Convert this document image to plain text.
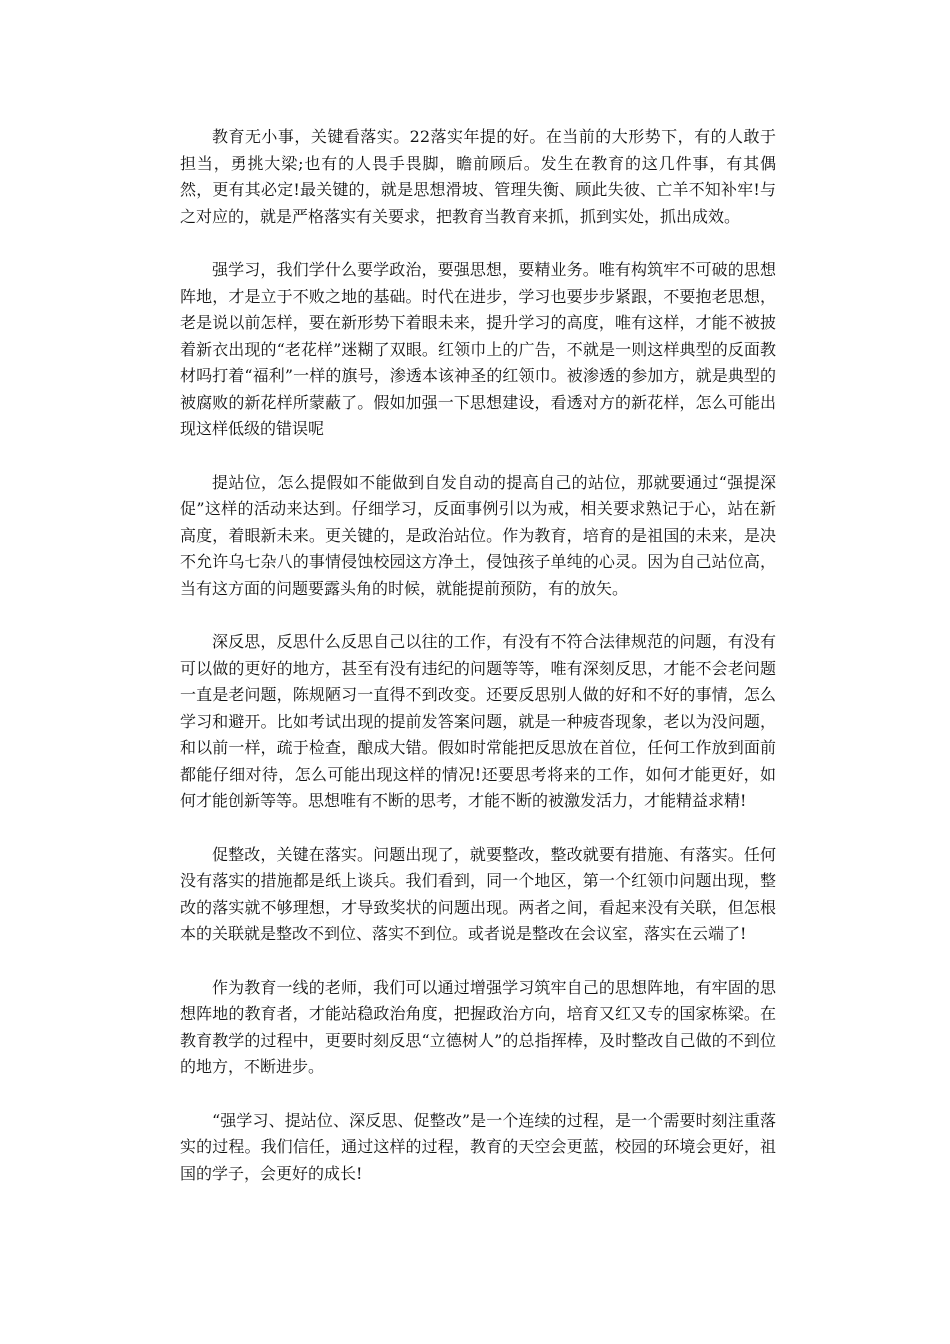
教育无小事，关键看落实。22落实年提的好。在当前的大形势下，有的人敢于担当，勇挑大梁;也有的人畏手畏脚，瞻前顾后。发生在教育的这几件事，有其偶然，更有其必定!最关键的，就是思想滑坡、管理失衡、顾此失彼、亡羊不知补牢!与之对应的，就是严格落实有关要求，把教育当教育来抓，抓到实处，抓出成效。

强学习，我们学什么要学政治，要强思想，要精业务。唯有构筑牢不可破的思想阵地，才是立于不败之地的基础。时代在进步，学习也要步步紧跟，不要抱老思想，老是说以前怎样，要在新形势下着眼未来，提升学习的高度，唯有这样，才能不被披着新衣出现的“老花样”迷糊了双眼。红领巾上的广告，不就是一则这样典型的反面教材吗打着“福利”一样的旗号，渗透本该神圣的红领巾。被渗透的参加方，就是典型的被腐败的新花样所蒙蔽了。假如加强一下思想建设，看透对方的新花样，怎么可能出现这样低级的错误呢

提站位，怎么提假如不能做到自发自动的提高自己的站位，那就要通过“强提深促”这样的活动来达到。仔细学习，反面事例引以为戒，相关要求熟记于心，站在新高度，着眼新未来。更关键的，是政治站位。作为教育，培育的是祖国的未来，是决不允许乌七杂八的事情侵蚀校园这方净土，侵蚀孩子单纯的心灵。因为自己站位高，当有这方面的问题要露头角的时候，就能提前预防，有的放矢。

深反思，反思什么反思自己以往的工作，有没有不符合法律规范的问题，有没有可以做的更好的地方，甚至有没有违纪的问题等等，唯有深刻反思，才能不会老问题一直是老问题，陈规陋习一直得不到改变。还要反思别人做的好和不好的事情，怎么学习和避开。比如考试出现的提前发答案问题，就是一种疲沓现象，老以为没问题，和以前一样，疏于检查，酿成大错。假如时常能把反思放在首位，任何工作放到面前都能仔细对待，怎么可能出现这样的情况!还要思考将来的工作，如何才能更好，如何才能创新等等。思想唯有不断的思考，才能不断的被激发活力，才能精益求精!

促整改，关键在落实。问题出现了，就要整改，整改就要有措施、有落实。任何没有落实的措施都是纸上谈兵。我们看到，同一个地区，第一个红领巾问题出现，整改的落实就不够理想，才导致奖状的问题出现。两者之间，看起来没有关联，但怎根本的关联就是整改不到位、落实不到位。或者说是整改在会议室，落实在云端了!

作为教育一线的老师，我们可以通过增强学习筑牢自己的思想阵地，有牢固的思想阵地的教育者，才能站稳政治角度，把握政治方向，培育又红又专的国家栋梁。在教育教学的过程中，更要时刻反思“立德树人”的总指挥棒，及时整改自己做的不到位的地方，不断进步。

“强学习、提站位、深反思、促整改”是一个连续的过程，是一个需要时刻注重落实的过程。我们信任，通过这样的过程，教育的天空会更蓝，校园的环境会更好，祖国的学子，会更好的成长!
